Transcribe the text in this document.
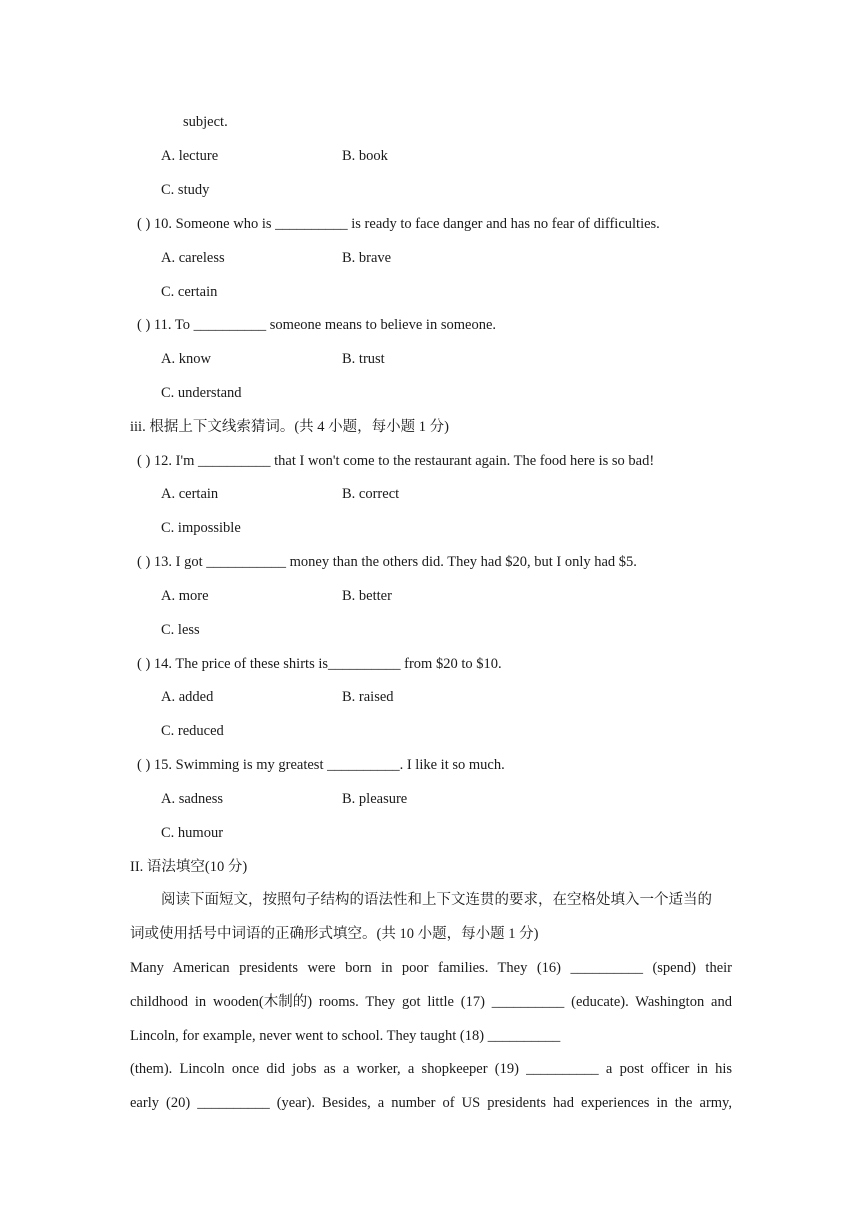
subject.
A. lecture	B. book
C. study
( ) 10. Someone who is __________ is ready to face danger and has no fear of difficulties.
A. careless	B. brave
C. certain
( ) 11. To __________ someone means to believe in someone.
A. know	B. trust
C. understand
iii. 根据上下文线索猜词。(共 4 小题，每小题 1 分)
( ) 12. I'm __________ that I won't come to the restaurant again. The food here is so bad!
A. certain	B. correct
C. impossible
( ) 13. I got ___________ money than the others did. They had $20, but I only had $5.
A. more	B. better
C. less
( ) 14. The price of these shirts is__________ from $20 to $10.
A. added	B. raised
C. reduced
( ) 15. Swimming is my greatest __________. I like it so much.
A. sadness	B. pleasure
C. humour
II. 语法填空(10 分)
阅读下面短文，按照句子结构的语法性和上下文连贯的要求，在空格处填入一个适当的
词或使用括号中词语的正确形式填空。(共 10 小题，每小题 1 分)
Many American presidents were born in poor families. They (16) __________ (spend) their
childhood in wooden(木制的) rooms. They got little (17) __________ (educate). Washington and
Lincoln, for example, never went to school. They taught (18) __________
(them). Lincoln once did jobs as a worker, a shopkeeper (19) __________ a post officer in his
early (20) __________ (year). Besides, a number of US presidents had experiences in the army,
